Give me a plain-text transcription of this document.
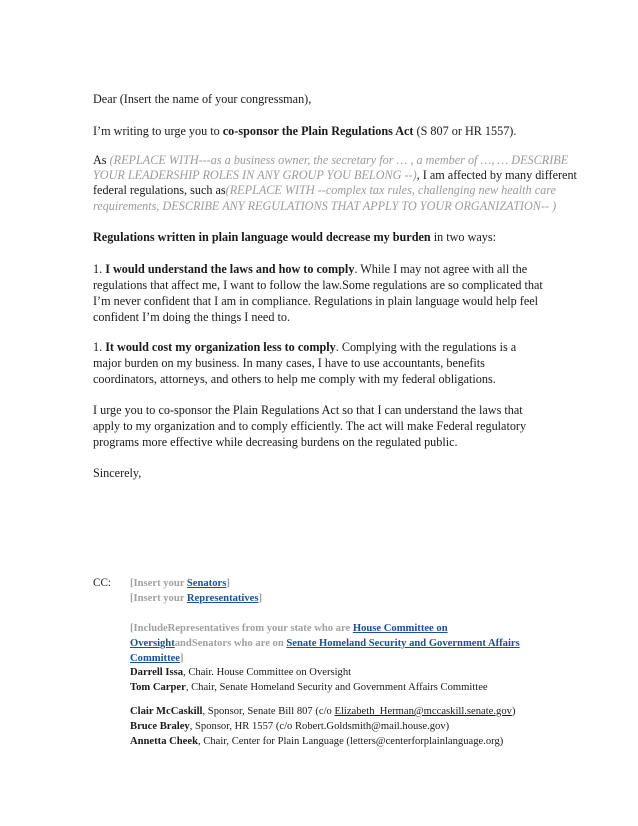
Dear (Insert the name of your congressman),
I’m writing to urge you to co-sponsor the Plain Regulations Act (S 807 or HR 1557).
As (REPLACE WITH---as a business owner, the secretary for … , a member of …, … DESCRIBE
YOUR LEADERSHIP ROLES IN ANY GROUP YOU BELONG --), I am affected by many different
federal regulations, such as(REPLACE WITH --complex tax rules, challenging new health care
requirements, DESCRIBE ANY REGULATIONS THAT APPLY TO YOUR ORGANIZATION-- )
Regulations written in plain language would decrease my burden in two ways:
1. I would understand the laws and how to comply. While I may not agree with all the
regulations that affect me, I want to follow the law.Some regulations are so complicated that
I’m never confident that I am in compliance. Regulations in plain language would help feel
confident I’m doing the things I need to.
1. It would cost my organization less to comply. Complying with the regulations is a
major burden on my business. In many cases, I have to use accountants, benefits
coordinators, attorneys, and others to help me comply with my federal obligations.
I urge you to co-sponsor the Plain Regulations Act so that I can understand the laws that
apply to my organization and to comply efficiently. The act will make Federal regulatory
programs more effective while decreasing burdens on the regulated public.
Sincerely,
CC: [Insert your Senators]
[Insert your Representatives]
[IncludeRepresentatives from your state who are House Committee on
OversightandSenators who are on Senate Homeland Security and Government Affairs
Committee]
Darrell Issa, Chair. House Committee on Oversight
Tom Carper, Chair, Senate Homeland Security and Government Affairs Committee
Clair McCaskill, Sponsor, Senate Bill 807 (c/o Elizabeth_Herman@mccaskill.senate.gov)
Bruce Braley, Sponsor, HR 1557 (c/o Robert.Goldsmith@mail.house.gov)
Annetta Cheek, Chair, Center for Plain Language (letters@centerforplainlanguage.org)
